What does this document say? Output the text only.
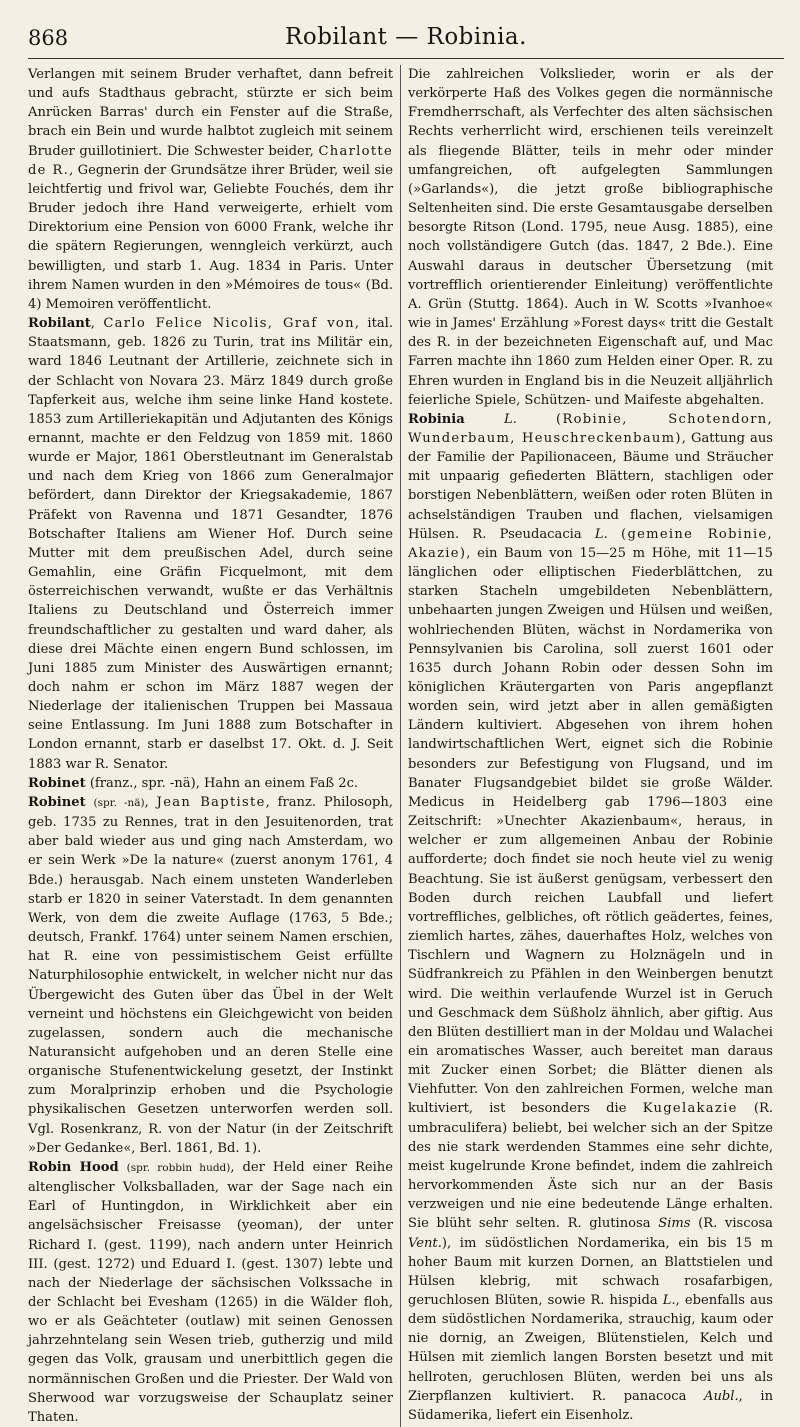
868	Robilant — Robinia.

Verlangen mit seinem Bruder verhaftet, dann befreit und aufs Stadthaus gebracht, stürzte er sich beim Anrücken Barras' durch ein Fenster auf die Straße, brach ein Bein und wurde halbtot zugleich mit seinem Bruder guillotiniert. Die Schwester beider, Charlotte de R., Gegnerin der Grundsätze ihrer Brüder, weil sie leichtfertig und frivol war, Geliebte Fouchés, dem ihr Bruder jedoch ihre Hand verweigerte, erhielt vom Direktorium eine Pension von 6000 Frank, welche ihr die spätern Regierungen, wenngleich verkürzt, auch bewilligten, und starb 1. Aug. 1834 in Paris. Unter ihrem Namen wurden in den »Mémoires de tous« (Bd. 4) Memoiren veröffentlicht.

Robilant, Carlo Felice Nicolis, Graf von, ital. Staatsmann, geb. 1826 zu Turin, trat ins Militär ein, ward 1846 Leutnant der Artillerie, zeichnete sich in der Schlacht von Novara 23. März 1849 durch große Tapferkeit aus, welche ihm seine linke Hand kostete. 1853 zum Artilleriekapitän und Adjutanten des Königs ernannt, machte er den Feldzug von 1859 mit. 1860 wurde er Major, 1861 Oberstleutnant im Generalstab und nach dem Krieg von 1866 zum Generalmajor befördert, dann Direktor der Kriegsakademie, 1867 Präfekt von Ravenna und 1871 Gesandter, 1876 Botschafter Italiens am Wiener Hof. Durch seine Mutter mit dem preußischen Adel, durch seine Gemahlin, eine Gräfin Ficquelmont, mit dem österreichischen verwandt, wußte er das Verhältnis Italiens zu Deutschland und Österreich immer freundschaftlicher zu gestalten und ward daher, als diese drei Mächte einen engern Bund schlossen, im Juni 1885 zum Minister des Auswärtigen ernannt; doch nahm er schon im März 1887 wegen der Niederlage der italienischen Truppen bei Massaua seine Entlassung. Im Juni 1888 zum Botschafter in London ernannt, starb er daselbst 17. Okt. d. J. Seit 1883 war R. Senator.

Robinet (franz., spr. -nä), Hahn an einem Faß 2c.

Robinet (spr. -nä), Jean Baptiste, franz. Philosoph, geb. 1735 zu Rennes, trat in den Jesuitenorden, trat aber bald wieder aus und ging nach Amsterdam, wo er sein Werk »De la nature« (zuerst anonym 1761, 4 Bde.) herausgab. Nach einem unsteten Wanderleben starb er 1820 in seiner Vaterstadt. In dem genannten Werk, von dem die zweite Auflage (1763, 5 Bde.; deutsch, Frankf. 1764) unter seinem Namen erschien, hat R. eine von pessimistischem Geist erfüllte Naturphilosophie entwickelt, in welcher nicht nur das Übergewicht des Guten über das Übel in der Welt verneint und höchstens ein Gleichgewicht von beiden zugelassen, sondern auch die mechanische Naturansicht aufgehoben und an deren Stelle eine organische Stufenentwickelung gesetzt, der Instinkt zum Moralprinzip erhoben und die Psychologie physikalischen Gesetzen unterworfen werden soll. Vgl. Rosenkranz, R. von der Natur (in der Zeitschrift »Der Gedanke«, Berl. 1861, Bd. 1).

Robin Hood (spr. robbin hudd), der Held einer Reihe altenglischer Volksballaden, war der Sage nach ein Earl of Huntingdon, in Wirklichkeit aber ein angelsächsischer Freisasse (yeoman), der unter Richard I. (gest. 1199), nach andern unter Heinrich III. (gest. 1272) und Eduard I. (gest. 1307) lebte und nach der Niederlage der sächsischen Volkssache in der Schlacht bei Evesham (1265) in die Wälder floh, wo er als Geächteter (outlaw) mit seinen Genossen jahrzehntelang sein Wesen trieb, gutherzig und mild gegen das Volk, grausam und unerbittlich gegen die normännischen Großen und die Priester. Der Wald von Sherwood war vorzugsweise der Schauplatz seiner Thaten.

Die zahlreichen Volkslieder, worin er als der verkörperte Haß des Volkes gegen die normännische Fremdherrschaft, als Verfechter des alten sächsischen Rechts verherrlicht wird, erschienen teils vereinzelt als fliegende Blätter, teils in mehr oder minder umfangreichen, oft aufgelegten Sammlungen (»Garlands«), die jetzt große bibliographische Seltenheiten sind. Die erste Gesamtausgabe derselben besorgte Ritson (Lond. 1795, neue Ausg. 1885), eine noch vollständigere Gutch (das. 1847, 2 Bde.). Eine Auswahl daraus in deutscher Übersetzung (mit vortrefflich orientierender Einleitung) veröffentlichte A. Grün (Stuttg. 1864). Auch in W. Scotts »Ivanhoe« wie in James' Erzählung »Forest days« tritt die Gestalt des R. in der bezeichneten Eigenschaft auf, und Mac Farren machte ihn 1860 zum Helden einer Oper. R. zu Ehren wurden in England bis in die Neuzeit alljährlich feierliche Spiele, Schützen- und Maifeste abgehalten.

Robinia	L.	(Robinie, Schotendorn, Wunderbaum, Heuschreckenbaum), Gattung aus der Familie der Papilionaceen, Bäume und Sträucher mit unpaarig gefiederten Blättern, stachligen oder borstigen Nebenblättern, weißen oder roten Blüten in achselständigen Trauben und flachen, vielsamigen Hülsen. R. Pseudacacia L. (gemeine Robinie, Akazie), ein Baum von 15—25 m Höhe, mit 11—15 länglichen oder elliptischen Fiederblättchen, zu starken Stacheln umgebildeten Nebenblättern, unbehaarten jungen Zweigen und Hülsen und weißen, wohlriechenden Blüten, wächst in Nordamerika von Pennsylvanien bis Carolina, soll zuerst 1601 oder 1635 durch Johann Robin oder dessen Sohn im königlichen Kräutergarten von Paris angepflanzt worden sein, wird jetzt aber in allen gemäßigten Ländern kultiviert. Abgesehen von ihrem hohen landwirtschaftlichen Wert, eignet sich die Robinie besonders zur Befestigung von Flugsand, und im Banater Flugsandgebiet bildet sie große Wälder. Medicus in Heidelberg gab 1796—1803 eine Zeitschrift: »Unechter Akazienbaum«, heraus, in welcher er zum allgemeinen Anbau der Robinie aufforderte; doch findet sie noch heute viel zu wenig Beachtung. Sie ist äußerst genügsam, verbessert den Boden durch reichen Laubfall und liefert vortreffliches, gelbliches, oft rötlich geädertes, feines, ziemlich hartes, zähes, dauerhaftes Holz, welches von Tischlern und Wagnern zu Holznägeln und in Südfrankreich zu Pfählen in den Weinbergen benutzt wird. Die weithin verlaufende Wurzel ist in Geruch und Geschmack dem Süßholz ähnlich, aber giftig. Aus den Blüten destilliert man in der Moldau und Walachei ein aromatisches Wasser, auch bereitet man daraus mit Zucker einen Sorbet; die Blätter dienen als Viehfutter. Von den zahlreichen Formen, welche man kultiviert, ist besonders die Kugelakazie (R. umbraculifera) beliebt, bei welcher sich an der Spitze des nie stark werdenden Stammes eine sehr dichte, meist kugelrunde Krone befindet, indem die zahlreich hervorkommenden Äste sich nur an der Basis verzweigen und nie eine bedeutende Länge erhalten. Sie blüht sehr selten. R. glutinosa Sims (R. viscosa Vent.), im südöstlichen Nordamerika, ein bis 15 m hoher Baum mit kurzen Dornen, an Blattstielen und Hülsen klebrig, mit schwach rosafarbigen, geruchlosen Blüten, sowie R. hispida L., ebenfalls aus dem südöstlichen Nordamerika, strauchig, kaum oder nie dornig, an Zweigen, Blütenstielen, Kelch und Hülsen mit ziemlich langen Borsten besetzt und mit hellroten, geruchlosen Blüten, werden bei uns als Zierpflanzen kultiviert. R. panacoca Aubl., in Südamerika, liefert ein Eisenholz.
